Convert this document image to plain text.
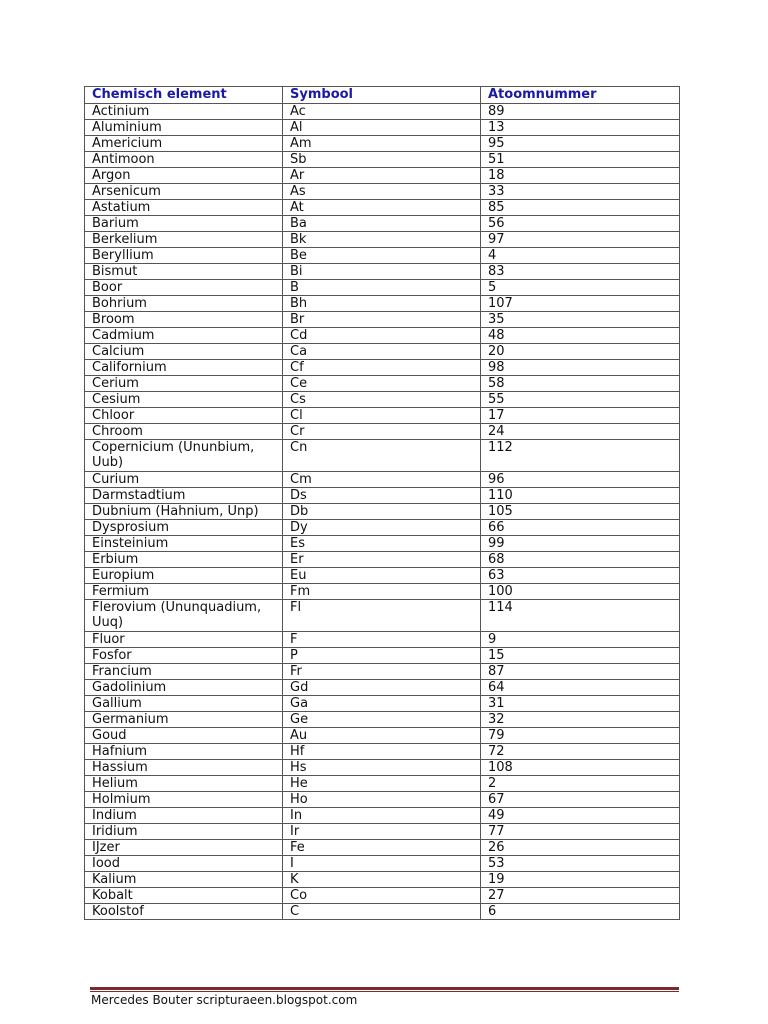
Chemisch element	Symbool	Atoomnummer
Actinium	Ac	89
Aluminium	Al	13
Americium	Am	95
Antimoon	Sb	51
Argon	Ar	18
Arsenicum	As	33
Astatium	At	85
Barium	Ba	56
Berkelium	Bk	97
Beryllium	Be	4
Bismut	Bi	83
Boor	B	5
Bohrium	Bh	107
Broom	Br	35
Cadmium	Cd	48
Calcium	Ca	20
Californium	Cf	98
Cerium	Ce	58
Cesium	Cs	55
Chloor	Cl	17
Chroom	Cr	24
Copernicium (Ununbium, Uub)	Cn	112
Curium	Cm	96
Darmstadtium	Ds	110
Dubnium (Hahnium, Unp)	Db	105
Dysprosium	Dy	66
Einsteinium	Es	99
Erbium	Er	68
Europium	Eu	63
Fermium	Fm	100
Flerovium (Ununquadium, Uuq)	Fl	114
Fluor	F	9
Fosfor	P	15
Francium	Fr	87
Gadolinium	Gd	64
Gallium	Ga	31
Germanium	Ge	32
Goud	Au	79
Hafnium	Hf	72
Hassium	Hs	108
Helium	He	2
Holmium	Ho	67
Indium	In	49
Iridium	Ir	77
IJzer	Fe	26
Iood	I	53
Kalium	K	19
Kobalt	Co	27
Koolstof	C	6
Mercedes Bouter scripturaeen.blogspot.com
